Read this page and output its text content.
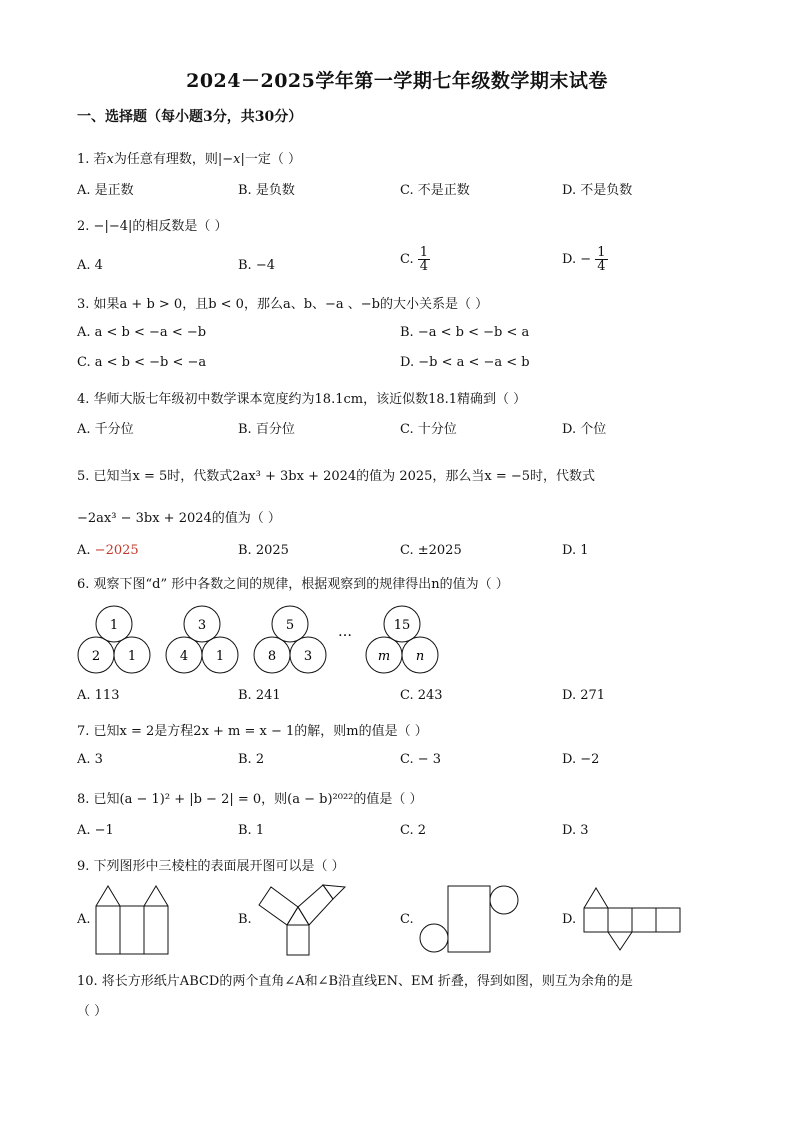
2024－2025学年第一学期七年级数学期末试卷
一、选择题（每小题3分，共30分）
1. 若x为任意有理数，则|−x|一定（ ）
A. 是正数	B. 是负数	C. 不是正数	D. 不是负数
2. −|−4|的相反数是（ ）
A. 4	B. −4	C. $\frac{1}{4}$	D. − $\frac{1}{4}$
3. 如果a + b > 0，且b < 0，那么a、b、−a 、−b的大小关系是（ ）
A. a < b < −a < −b	B. −a < b < −b < a
C. a < b < −b < −a	D. −b < a < −a < b
4. 华师大版七年级初中数学课本宽度约为18.1cm，该近似数18.1精确到（ ）
A. 千分位	B. 百分位	C. 十分位	D. 个位
5. 已知当x = 5时，代数式2ax³ + 3bx + 2024的值为 2025，那么当x = −5时，代数式
−2ax³ − 3bx + 2024的值为（ ）
A. −2025	B. 2025	C. ±2025	D. 1
6. 观察下图“d” 形中各数之间的规律，根据观察到的规律得出n的值为（ ）
1
2 1
3
4 1
5
8 3
…	15
m n
A. 113	B. 241	C. 243	D. 271
7. 已知x = 2是方程2x + m = x − 1的解，则m的值是（ ）
A. 3	B. 2	C. − 3	D. −2
8. 已知(a − 1)² + |b − 2| = 0，则(a − b)²⁰²²的值是（ ）
A. −1	B. 1	C. 2	D. 3
9. 下列图形中三棱柱的表面展开图可以是（ ）
A.	B.	C.	D.
10. 将长方形纸片ABCD的两个直角∠A和∠B沿直线EN、EM 折叠，得到如图，则互为余角的是
（ ）
